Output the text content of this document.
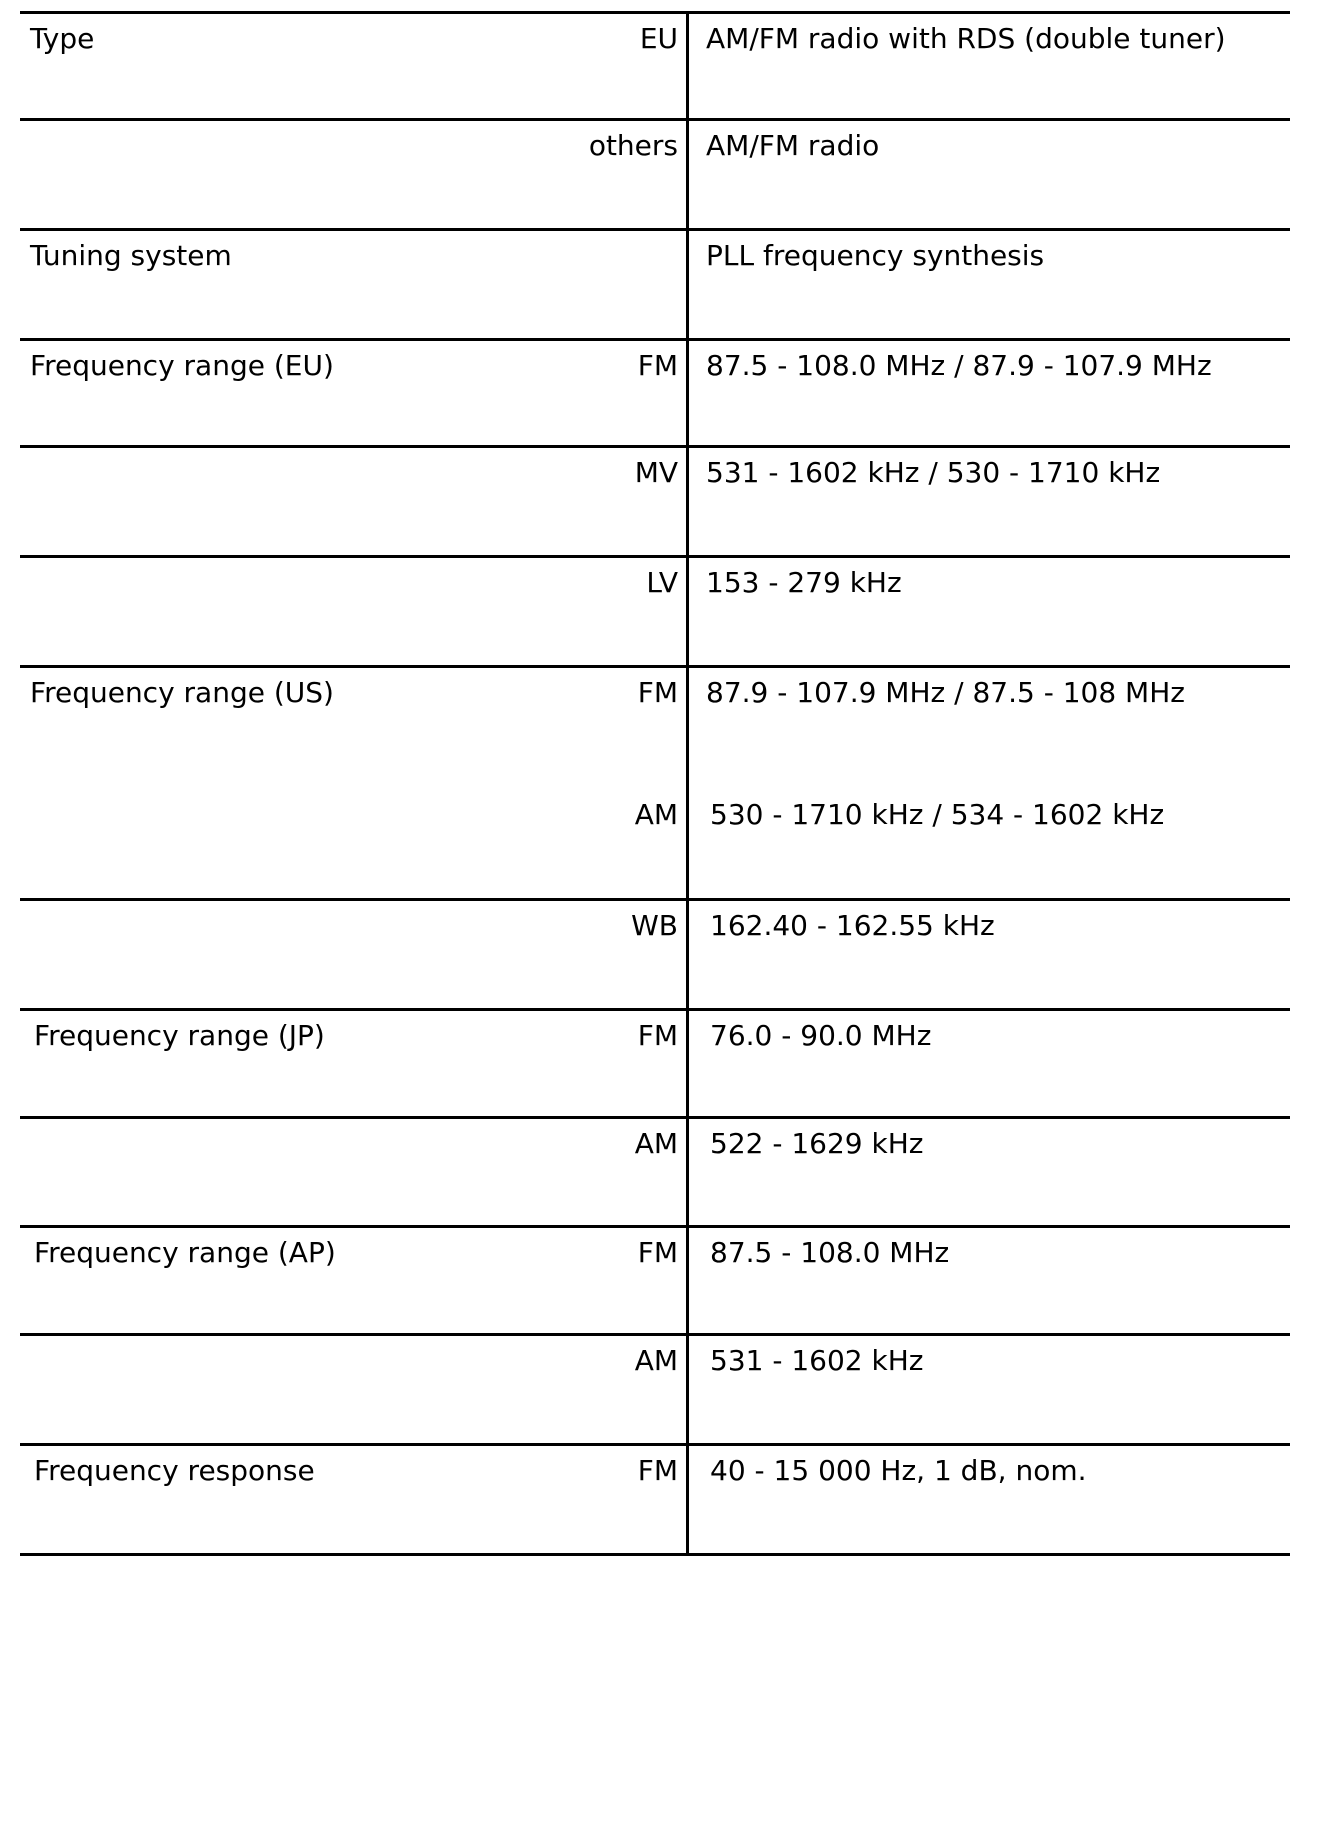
Type	EU AM/FM radio with RDS (double tuner)
others AM/FM radio
Tuning system	PLL frequency synthesis
Frequency range (EU)	FM 87.5 - 108.0 MHz / 87.9 - 107.9 MHz
MV 531 - 1602 kHz / 530 - 1710 kHz
LV 153 - 279 kHz
Frequency range (US)	FM 87.9 - 107.9 MHz / 87.5 - 108 MHz
AM 530 - 1710 kHz / 534 - 1602 kHz
WB 162.40 - 162.55 kHz
Frequency range (JP)	FM 76.0 - 90.0 MHz
AM 522 - 1629 kHz
Frequency range (AP)	FM 87.5 - 108.0 MHz
AM 531 - 1602 kHz
Frequency response	FM 40 - 15 000 Hz, 1 dB, nom.
